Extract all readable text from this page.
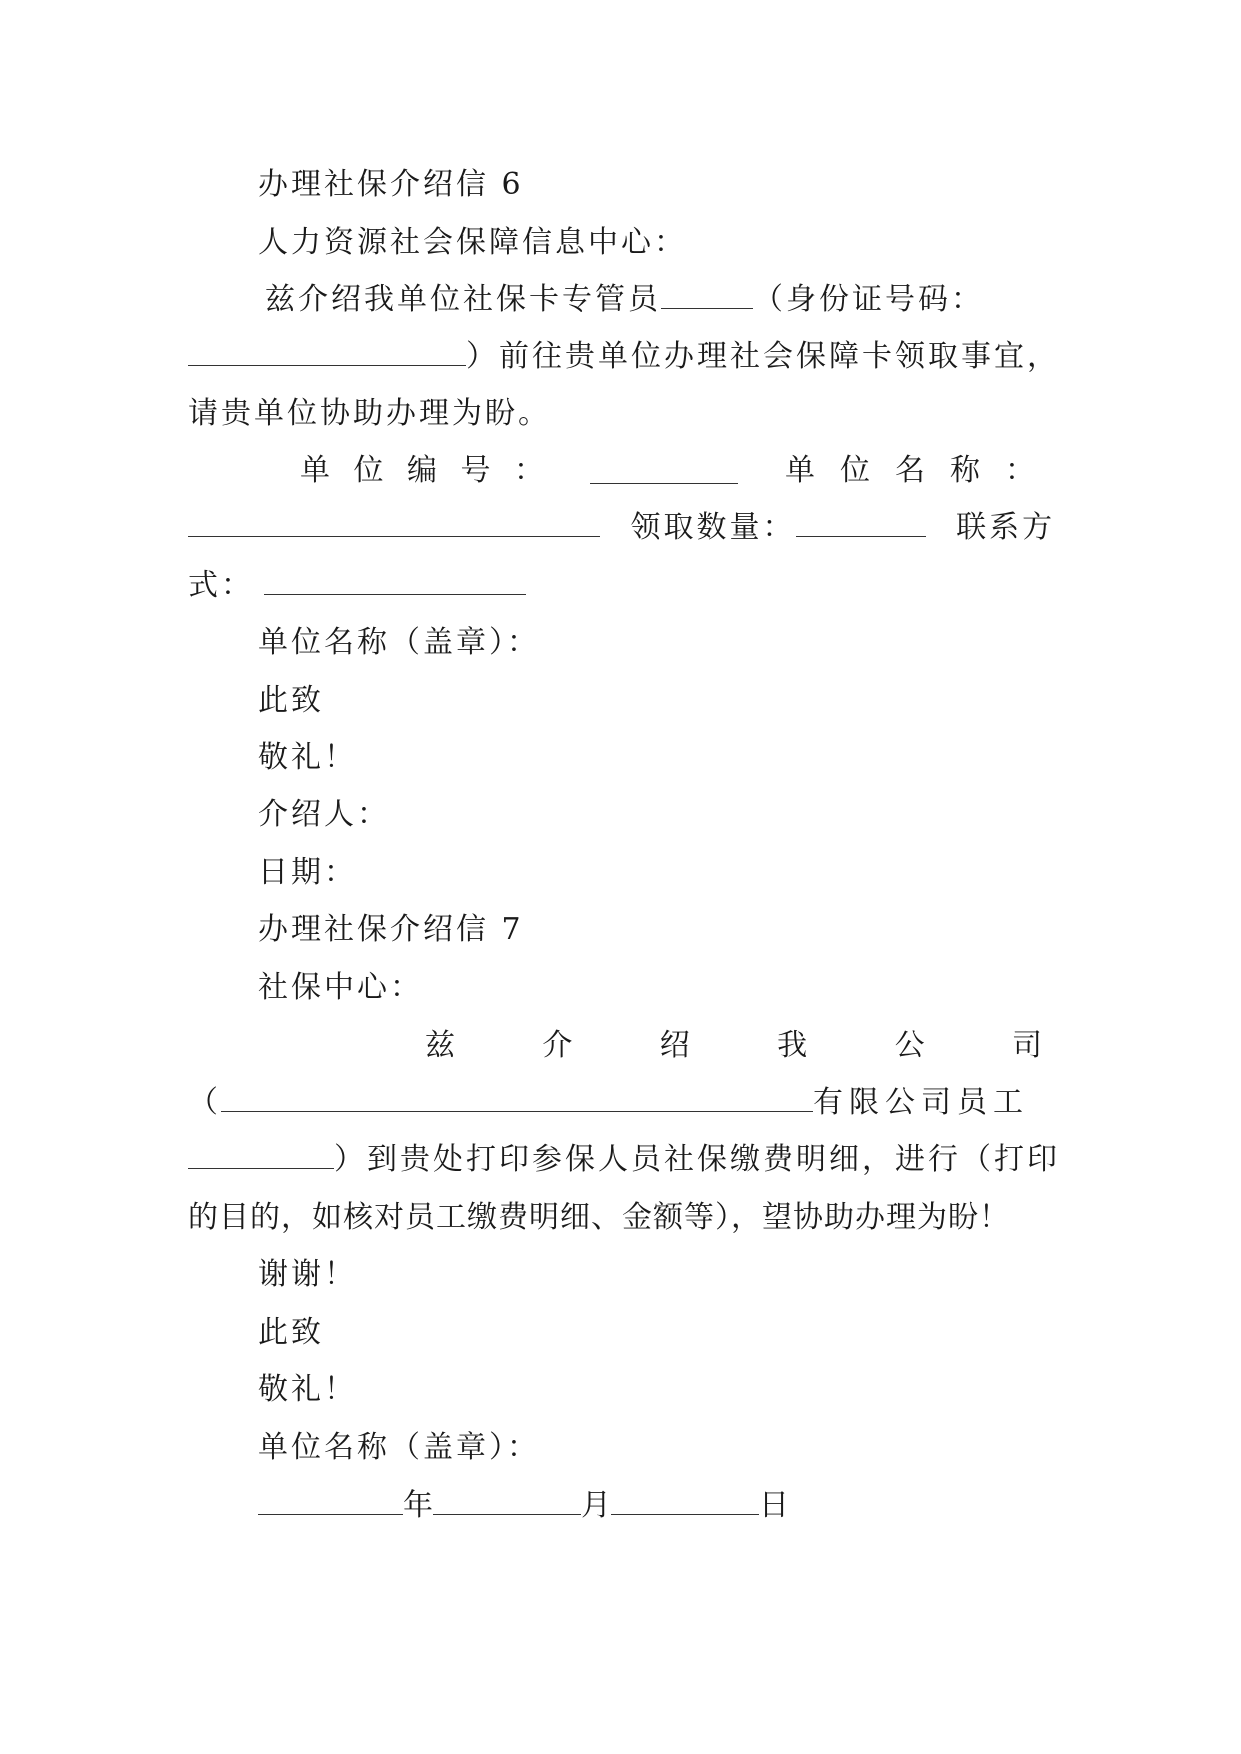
办理社保介绍信 6
人力资源社会保障信息中心：
兹介绍我单位社保卡专管员	（身份证号码：
）前往贵单位办理社会保障卡领取事宜，
请贵单位协助办理为盼。
单 位 编 号 ：	单 位 名 称 ：
领取数量：	联系方
式：
单位名称（盖章）：
此致
敬礼！
介绍人：
日期：
办理社保介绍信 7
社保中心：
兹	介	绍	我	公	司
（	有限公司员工
）到贵处打印参保人员社保缴费明细，进行（打印
的目的，如核对员工缴费明细、金额等），望协助办理为盼！
谢谢！
此致
敬礼！
单位名称（盖章）：
年	月	日
